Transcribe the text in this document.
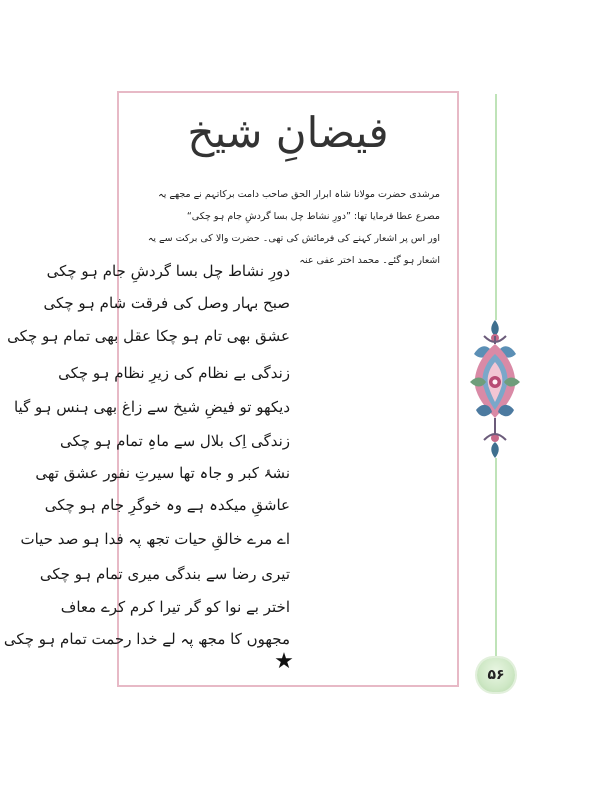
فیضانِ شیخ

مرشدی حضرت مولانا شاہ ابرار الحق صاحب دامت برکاتہم نے مجھے یہ مصرع عطا فرمایا تھا: ”دورِ نشاط چل بسا گردشِ جام ہو چکی“

اور اس پر اشعار کہنے کی فرمائش کی تھی۔ حضرت والا کی برکت سے یہ اشعار ہو گئے۔ محمد اختر عفی عنہ

دورِ نشاط چل بسا گردشِ جام ہو چکی
صبح بہار وصل کی فرقت شام ہو چکی
عشق بھی تام ہو چکا عقل بھی تمام ہو چکی
زندگی بے نظام کی زیرِ نظام ہو چکی
دیکھو تو فیضِ شیخ سے زاغ بھی ہنس ہو گیا
زندگی اِک بلال سے ماہِ تمام ہو چکی
نشۂ کبر و جاہ تھا سیرتِ نفور عشق تھی
عاشقِ میکدہ ہے وہ خوگرِ جام ہو چکی
اے مرے خالقِ حیات تجھ پہ فدا ہو صد حیات
تیری رضا سے بندگی میری تمام ہو چکی
اختر بے نوا کو گر تیرا کرم کرے معاف
مجھوں کا مجھ پہ لے خدا رحمت تمام ہو چکی
★
۵۶
